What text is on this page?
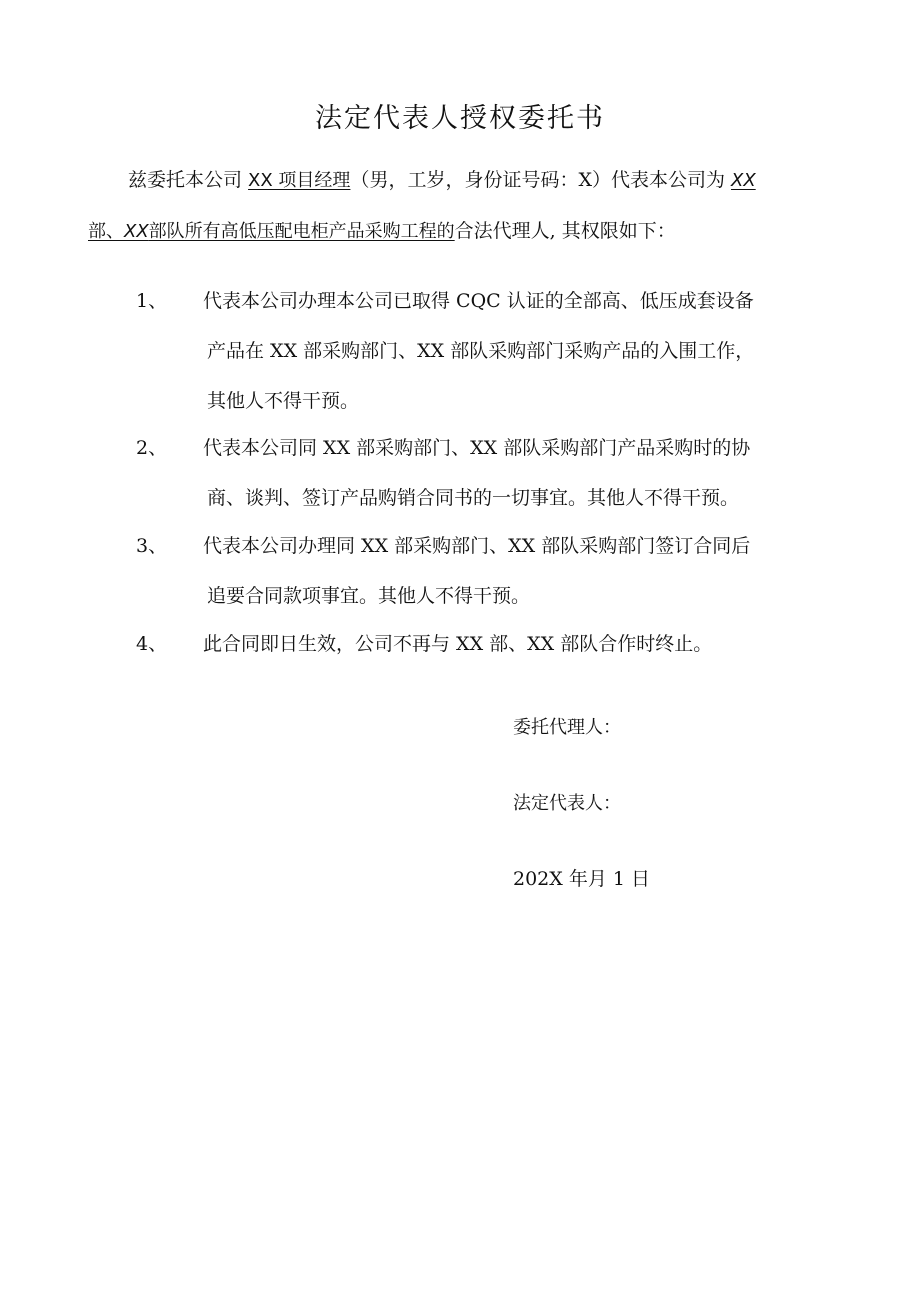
法定代表人授权委托书
兹委托本公司 XX 项目经理（男，工岁，身份证号码：X）代表本公司为 XX
部、XX部队所有高低压配电柜产品采购工程的合法代理人, 其权限如下：
1、	代表本公司办理本公司已取得 CQC 认证的全部高、低压成套设备
产品在 XX 部采购部门、XX 部队采购部门采购产品的入围工作，
其他人不得干预。
2、	代表本公司同 XX 部采购部门、XX 部队采购部门产品采购时的协
商、谈判、签订产品购销合同书的一切事宜。其他人不得干预。
3、	代表本公司办理同 XX 部采购部门、XX 部队采购部门签订合同后
追要合同款项事宜。其他人不得干预。
4、	此合同即日生效，公司不再与 XX 部、XX 部队合作时终止。
委托代理人：
法定代表人：
202X 年月 1 日
